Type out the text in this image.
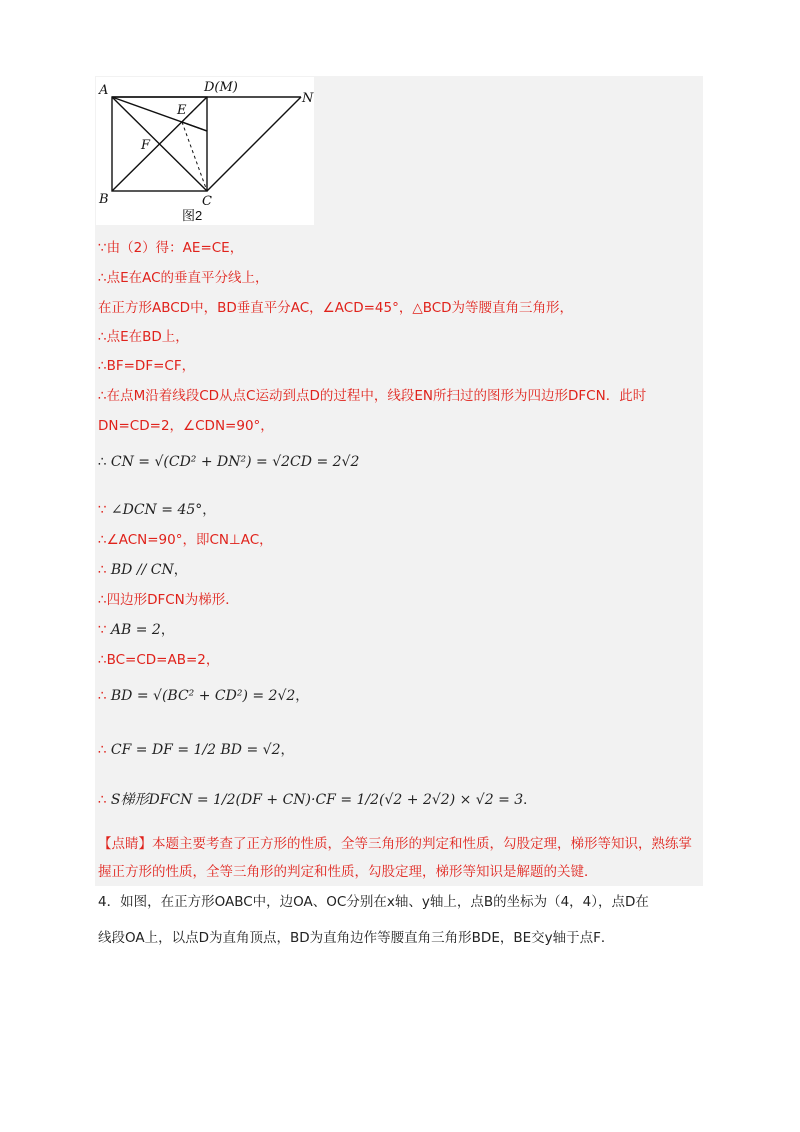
A	D(M)
N
E
F
B	C
图2
∵由（2）得：AE=CE，
∴点E在AC的垂直平分线上，
在正方形ABCD中，BD垂直平分AC，∠ACD=45°，△BCD为等腰直角三角形，
∴点E在BD上，
∴BF=DF=CF，
∴在点M沿着线段CD从点C运动到点D的过程中，线段EN所扫过的图形为四边形DFCN．此时
DN=CD=2，∠CDN=90°，
∴ CN = √(CD² + DN²) = √2CD = 2√2
∵ ∠DCN = 45°，
∴∠ACN=90°，即CN⊥AC，
∴ BD // CN，
∴四边形DFCN为梯形．
∵ AB = 2，
∴BC=CD=AB=2，
∴ BD = √(BC² + CD²) = 2√2，
∴ CF = DF = 1/2 BD = √2，
∴ S梯形DFCN = 1/2(DF + CN)·CF = 1/2(√2 + 2√2) × √2 = 3．
【点睛】本题主要考查了正方形的性质，全等三角形的判定和性质，勾股定理，梯形等知识，熟练掌握正方形的性质，全等三角形的判定和性质，勾股定理，梯形等知识是解题的关键．
4．如图，在正方形OABC中，边OA、OC分别在x轴、y轴上，点B的坐标为（4，4），点D在
线段OA上，以点D为直角顶点，BD为直角边作等腰直角三角形BDE，BE交y轴于点F．
